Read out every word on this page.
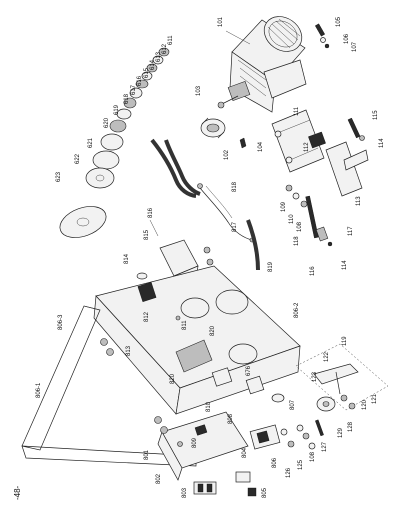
101	105
106
107
611
612
613
614
615
616
617
618
619
620
621
622
623
103
102
104
111
112
115
114
113
109
110
108
118
116
117
114
818
817
819
816
815
814
806-2
811
820
812
820
676
806-3
806-1
813
801
802
809
810
808
803
804
805
806
807
119
122
123
120
121
128
129
127
108
125
126
-48-
